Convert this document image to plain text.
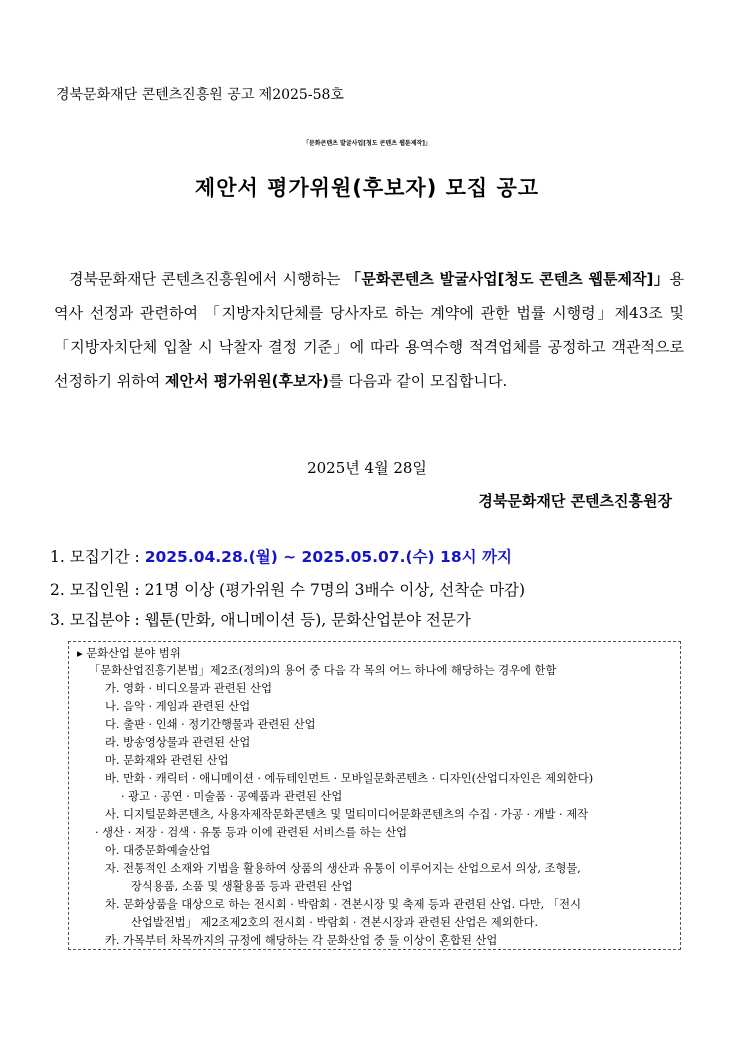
경북문화재단 콘텐츠진흥원 공고 제2025-58호
「문화콘텐츠 발굴사업[청도 콘텐츠 웹툰제작]」
제안서 평가위원(후보자) 모집 공고
경북문화재단 콘텐츠진흥원에서 시행하는 「문화콘텐츠 발굴사업[청도 콘텐츠 웹툰제작]」용역사 선정과 관련하여 「지방자치단체를 당사자로 하는 계약에 관한 법률 시행령」제43조 및 「지방자치단체 입찰 시 낙찰자 결정 기준」에 따라 용역수행 적격업체를 공정하고 객관적으로 선정하기 위하여 제안서 평가위원(후보자)를 다음과 같이 모집합니다.
2025년 4월 28일
경북문화재단 콘텐츠진흥원장
1. 모집기간 : 2025.04.28.(월) ~ 2025.05.07.(수) 18시 까지
2. 모집인원 : 21명 이상 (평가위원 수 7명의 3배수 이상, 선착순 마감)
3. 모집분야 : 웹툰(만화, 애니메이션 등), 문화산업분야 전문가
▸ 문화산업 분야 범위
「문화산업진흥기본법」제2조(정의)의 용어 중 다음 각 목의 어느 하나에 해당하는 경우에 한함
가. 영화 · 비디오물과 관련된 산업
나. 음악 · 게임과 관련된 산업
다. 출판 · 인쇄 · 정기간행물과 관련된 산업
라. 방송영상물과 관련된 산업
마. 문화재와 관련된 산업
바. 만화 · 캐릭터 · 애니메이션 · 에듀테인먼트 · 모바일문화콘텐츠 · 디자인(산업디자인은 제외한다)
· 광고 · 공연 · 미술품 · 공예품과 관련된 산업
사. 디지털문화콘텐츠, 사용자제작문화콘텐츠 및 멀티미디어문화콘텐츠의 수집 · 가공 · 개발 · 제작
· 생산 · 저장 · 검색 · 유통 등과 이에 관련된 서비스를 하는 산업
아. 대중문화예술산업
자. 전통적인 소재와 기법을 활용하여 상품의 생산과 유통이 이루어지는 산업으로서 의상, 조형물,
장식용품, 소품 및 생활용품 등과 관련된 산업
차. 문화상품을 대상으로 하는 전시회 · 박람회 · 견본시장 및 축제 등과 관련된 산업. 다만, 「전시
산업발전법」 제2조제2호의 전시회 · 박람회 · 견본시장과 관련된 산업은 제외한다.
카. 가목부터 차목까지의 규정에 해당하는 각 문화산업 중 둘 이상이 혼합된 산업
